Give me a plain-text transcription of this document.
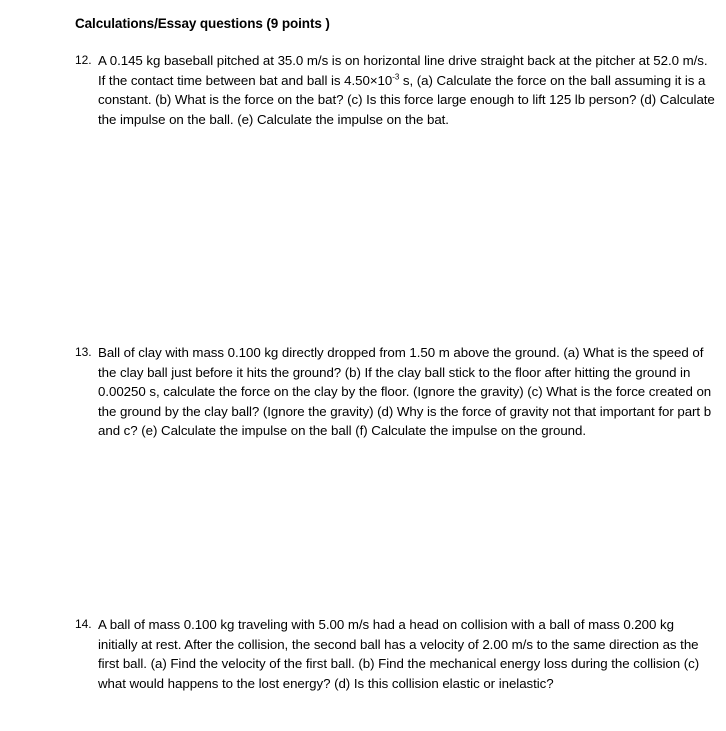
Calculations/Essay questions (9 points )
12. A 0.145 kg baseball pitched at 35.0 m/s is on horizontal line drive straight back at the pitcher at 52.0 m/s. If the contact time between bat and ball is $4.50\times 10^{-3}$ s, (a) Calculate the force on the ball assuming it is a constant. (b) What is the force on the bat? (c) Is this force large enough to lift 125 lb person? (d) Calculate the impulse on the ball. (e) Calculate the impulse on the bat.
13. Ball of clay with mass 0.100 kg directly dropped from 1.50 m above the ground. (a) What is the speed of the clay ball just before it hits the ground? (b) If the clay ball stick to the floor after hitting the ground in 0.00250 s, calculate the force on the clay by the floor. (Ignore the gravity) (c) What is the force created on the ground by the clay ball? (Ignore the gravity) (d) Why is the force of gravity not that important for part b and c? (e) Calculate the impulse on the ball (f) Calculate the impulse on the ground.
14. A ball of mass 0.100 kg traveling with 5.00 m/s had a head on collision with a ball of mass 0.200 kg initially at rest. After the collision, the second ball has a velocity of 2.00 m/s to the same direction as the first ball. (a) Find the velocity of the first ball. (b) Find the mechanical energy loss during the collision (c) what would happens to the lost energy? (d) Is this collision elastic or inelastic?
